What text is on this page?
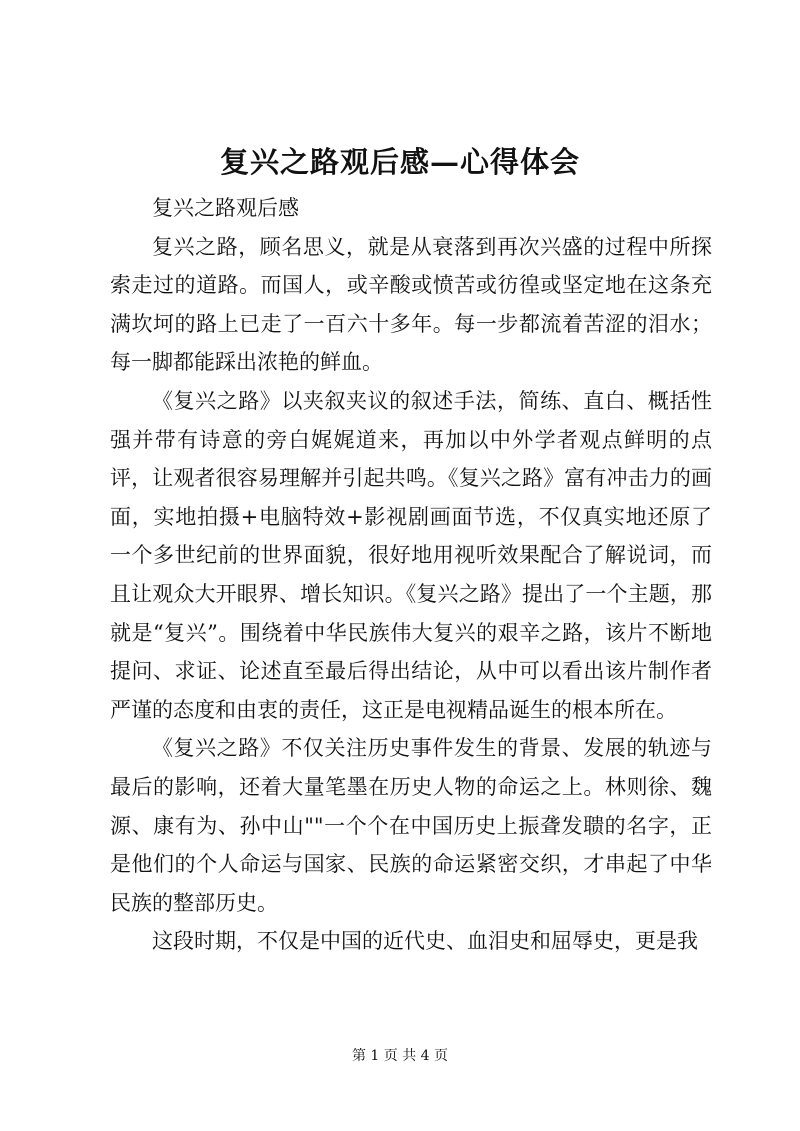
复兴之路观后感—心得体会

复兴之路观后感

复兴之路，顾名思义，就是从衰落到再次兴盛的过程中所探索走过的道路。而国人，或辛酸或愤苦或彷徨或坚定地在这条充满坎坷的路上已走了一百六十多年。每一步都流着苦涩的泪水；每一脚都能踩出浓艳的鲜血。

《复兴之路》以夹叙夹议的叙述手法，简练、直白、概括性强并带有诗意的旁白娓娓道来，再加以中外学者观点鲜明的点评，让观者很容易理解并引起共鸣。《复兴之路》富有冲击力的画面，实地拍摄+电脑特效+影视剧画面节选，不仅真实地还原了一个多世纪前的世界面貌，很好地用视听效果配合了解说词，而且让观众大开眼界、增长知识。《复兴之路》提出了一个主题，那就是“复兴”。围绕着中华民族伟大复兴的艰辛之路，该片不断地提问、求证、论述直至最后得出结论，从中可以看出该片制作者严谨的态度和由衷的责任，这正是电视精品诞生的根本所在。

《复兴之路》不仅关注历史事件发生的背景、发展的轨迹与最后的影响，还着大量笔墨在历史人物的命运之上。林则徐、魏源、康有为、孙中山""一个个在中国历史上振聋发聩的名字，正是他们的个人命运与国家、民族的命运紧密交织，才串起了中华民族的整部历史。

这段时期，不仅是中国的近代史、血泪史和屈辱史，更是我

第 1 页 共 4 页
